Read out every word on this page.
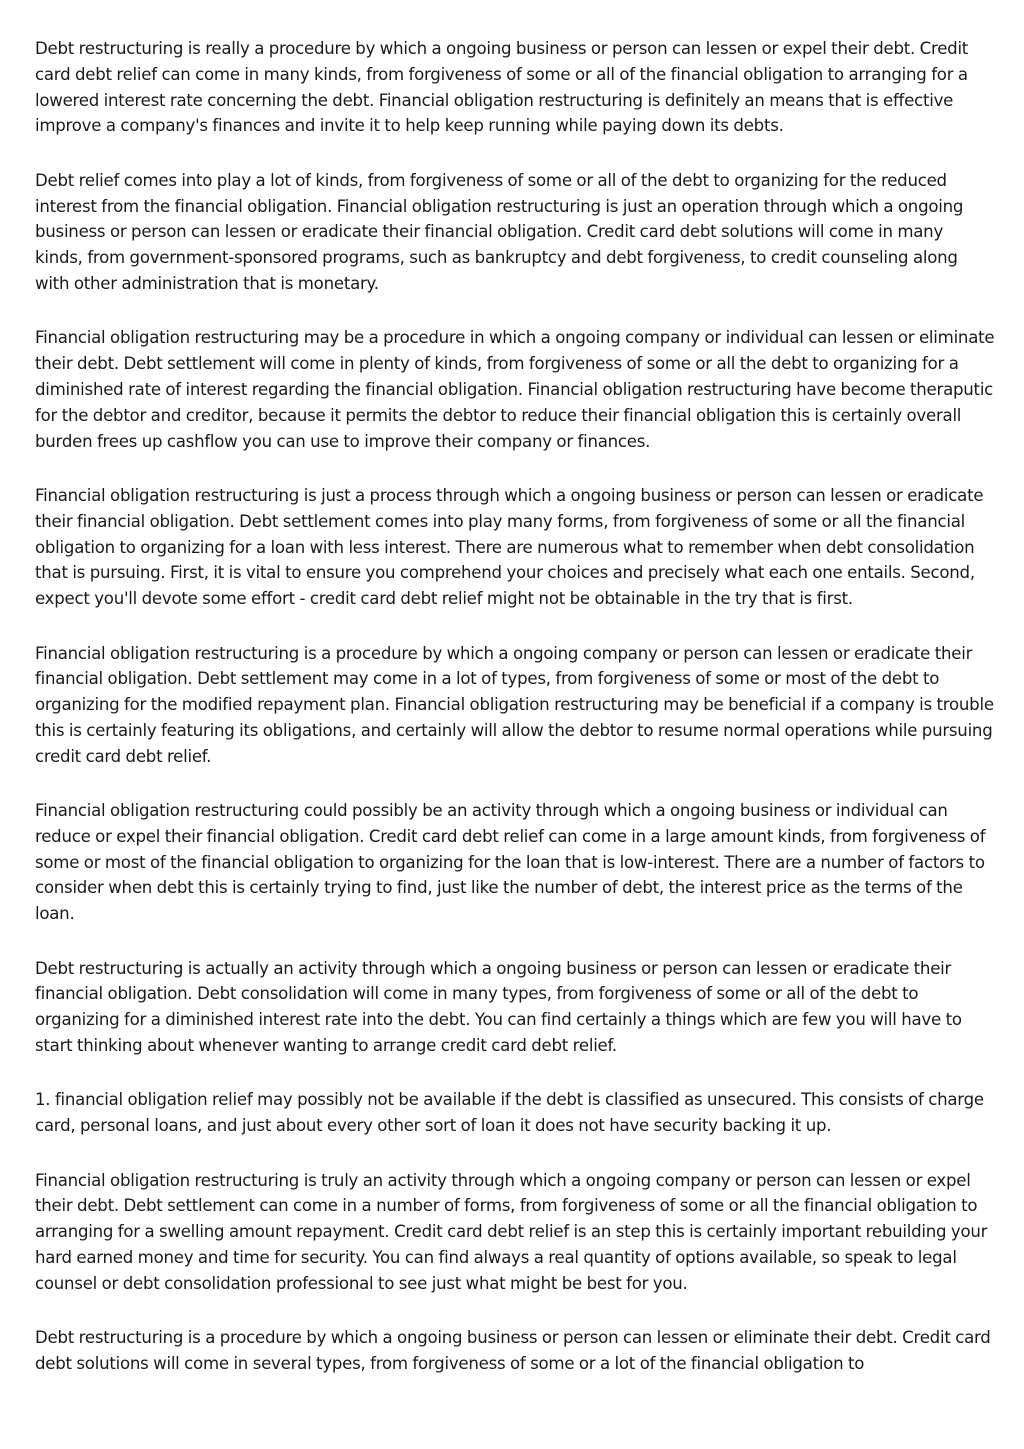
Debt restructuring is really a procedure by which a ongoing business or person can lessen or expel their debt. Credit card debt relief can come in many kinds, from forgiveness of some or all of the financial obligation to arranging for a lowered interest rate concerning the debt. Financial obligation restructuring is definitely an means that is effective improve a company's finances and invite it to help keep running while paying down its debts.

Debt relief comes into play a lot of kinds, from forgiveness of some or all of the debt to organizing for the reduced interest from the financial obligation. Financial obligation restructuring is just an operation through which a ongoing business or person can lessen or eradicate their financial obligation. Credit card debt solutions will come in many kinds, from government-sponsored programs, such as bankruptcy and debt forgiveness, to credit counseling along with other administration that is monetary.

Financial obligation restructuring may be a procedure in which a ongoing company or individual can lessen or eliminate their debt. Debt settlement will come in plenty of kinds, from forgiveness of some or all the debt to organizing for a diminished rate of interest regarding the financial obligation. Financial obligation restructuring have become theraputic for the debtor and creditor, because it permits the debtor to reduce their financial obligation this is certainly overall burden frees up cashflow you can use to improve their company or finances.

Financial obligation restructuring is just a process through which a ongoing business or person can lessen or eradicate their financial obligation. Debt settlement comes into play many forms, from forgiveness of some or all the financial obligation to organizing for a loan with less interest. There are numerous what to remember when debt consolidation that is pursuing. First, it is vital to ensure you comprehend your choices and precisely what each one entails. Second, expect you'll devote some effort - credit card debt relief might not be obtainable in the try that is first.

Financial obligation restructuring is a procedure by which a ongoing company or person can lessen or eradicate their financial obligation. Debt settlement may come in a lot of types, from forgiveness of some or most of the debt to organizing for the modified repayment plan. Financial obligation restructuring may be beneficial if a company is trouble this is certainly featuring its obligations, and certainly will allow the debtor to resume normal operations while pursuing credit card debt relief.

Financial obligation restructuring could possibly be an activity through which a ongoing business or individual can reduce or expel their financial obligation. Credit card debt relief can come in a large amount kinds, from forgiveness of some or most of the financial obligation to organizing for the loan that is low-interest. There are a number of factors to consider when debt this is certainly trying to find, just like the number of debt, the interest price as the terms of the loan.

Debt restructuring is actually an activity through which a ongoing business or person can lessen or eradicate their financial obligation. Debt consolidation will come in many types, from forgiveness of some or all of the debt to organizing for a diminished interest rate into the debt. You can find certainly a things which are few you will have to start thinking about whenever wanting to arrange credit card debt relief.

1. financial obligation relief may possibly not be available if the debt is classified as unsecured. This consists of charge card, personal loans, and just about every other sort of loan it does not have security backing it up.

Financial obligation restructuring is truly an activity through which a ongoing company or person can lessen or expel their debt. Debt settlement can come in a number of forms, from forgiveness of some or all the financial obligation to arranging for a swelling amount repayment. Credit card debt relief is an step this is certainly important rebuilding your hard earned money and time for security. You can find always a real quantity of options available, so speak to legal counsel or debt consolidation professional to see just what might be best for you.

Debt restructuring is a procedure by which a ongoing business or person can lessen or eliminate their debt. Credit card debt solutions will come in several types, from forgiveness of some or a lot of the financial obligation to
